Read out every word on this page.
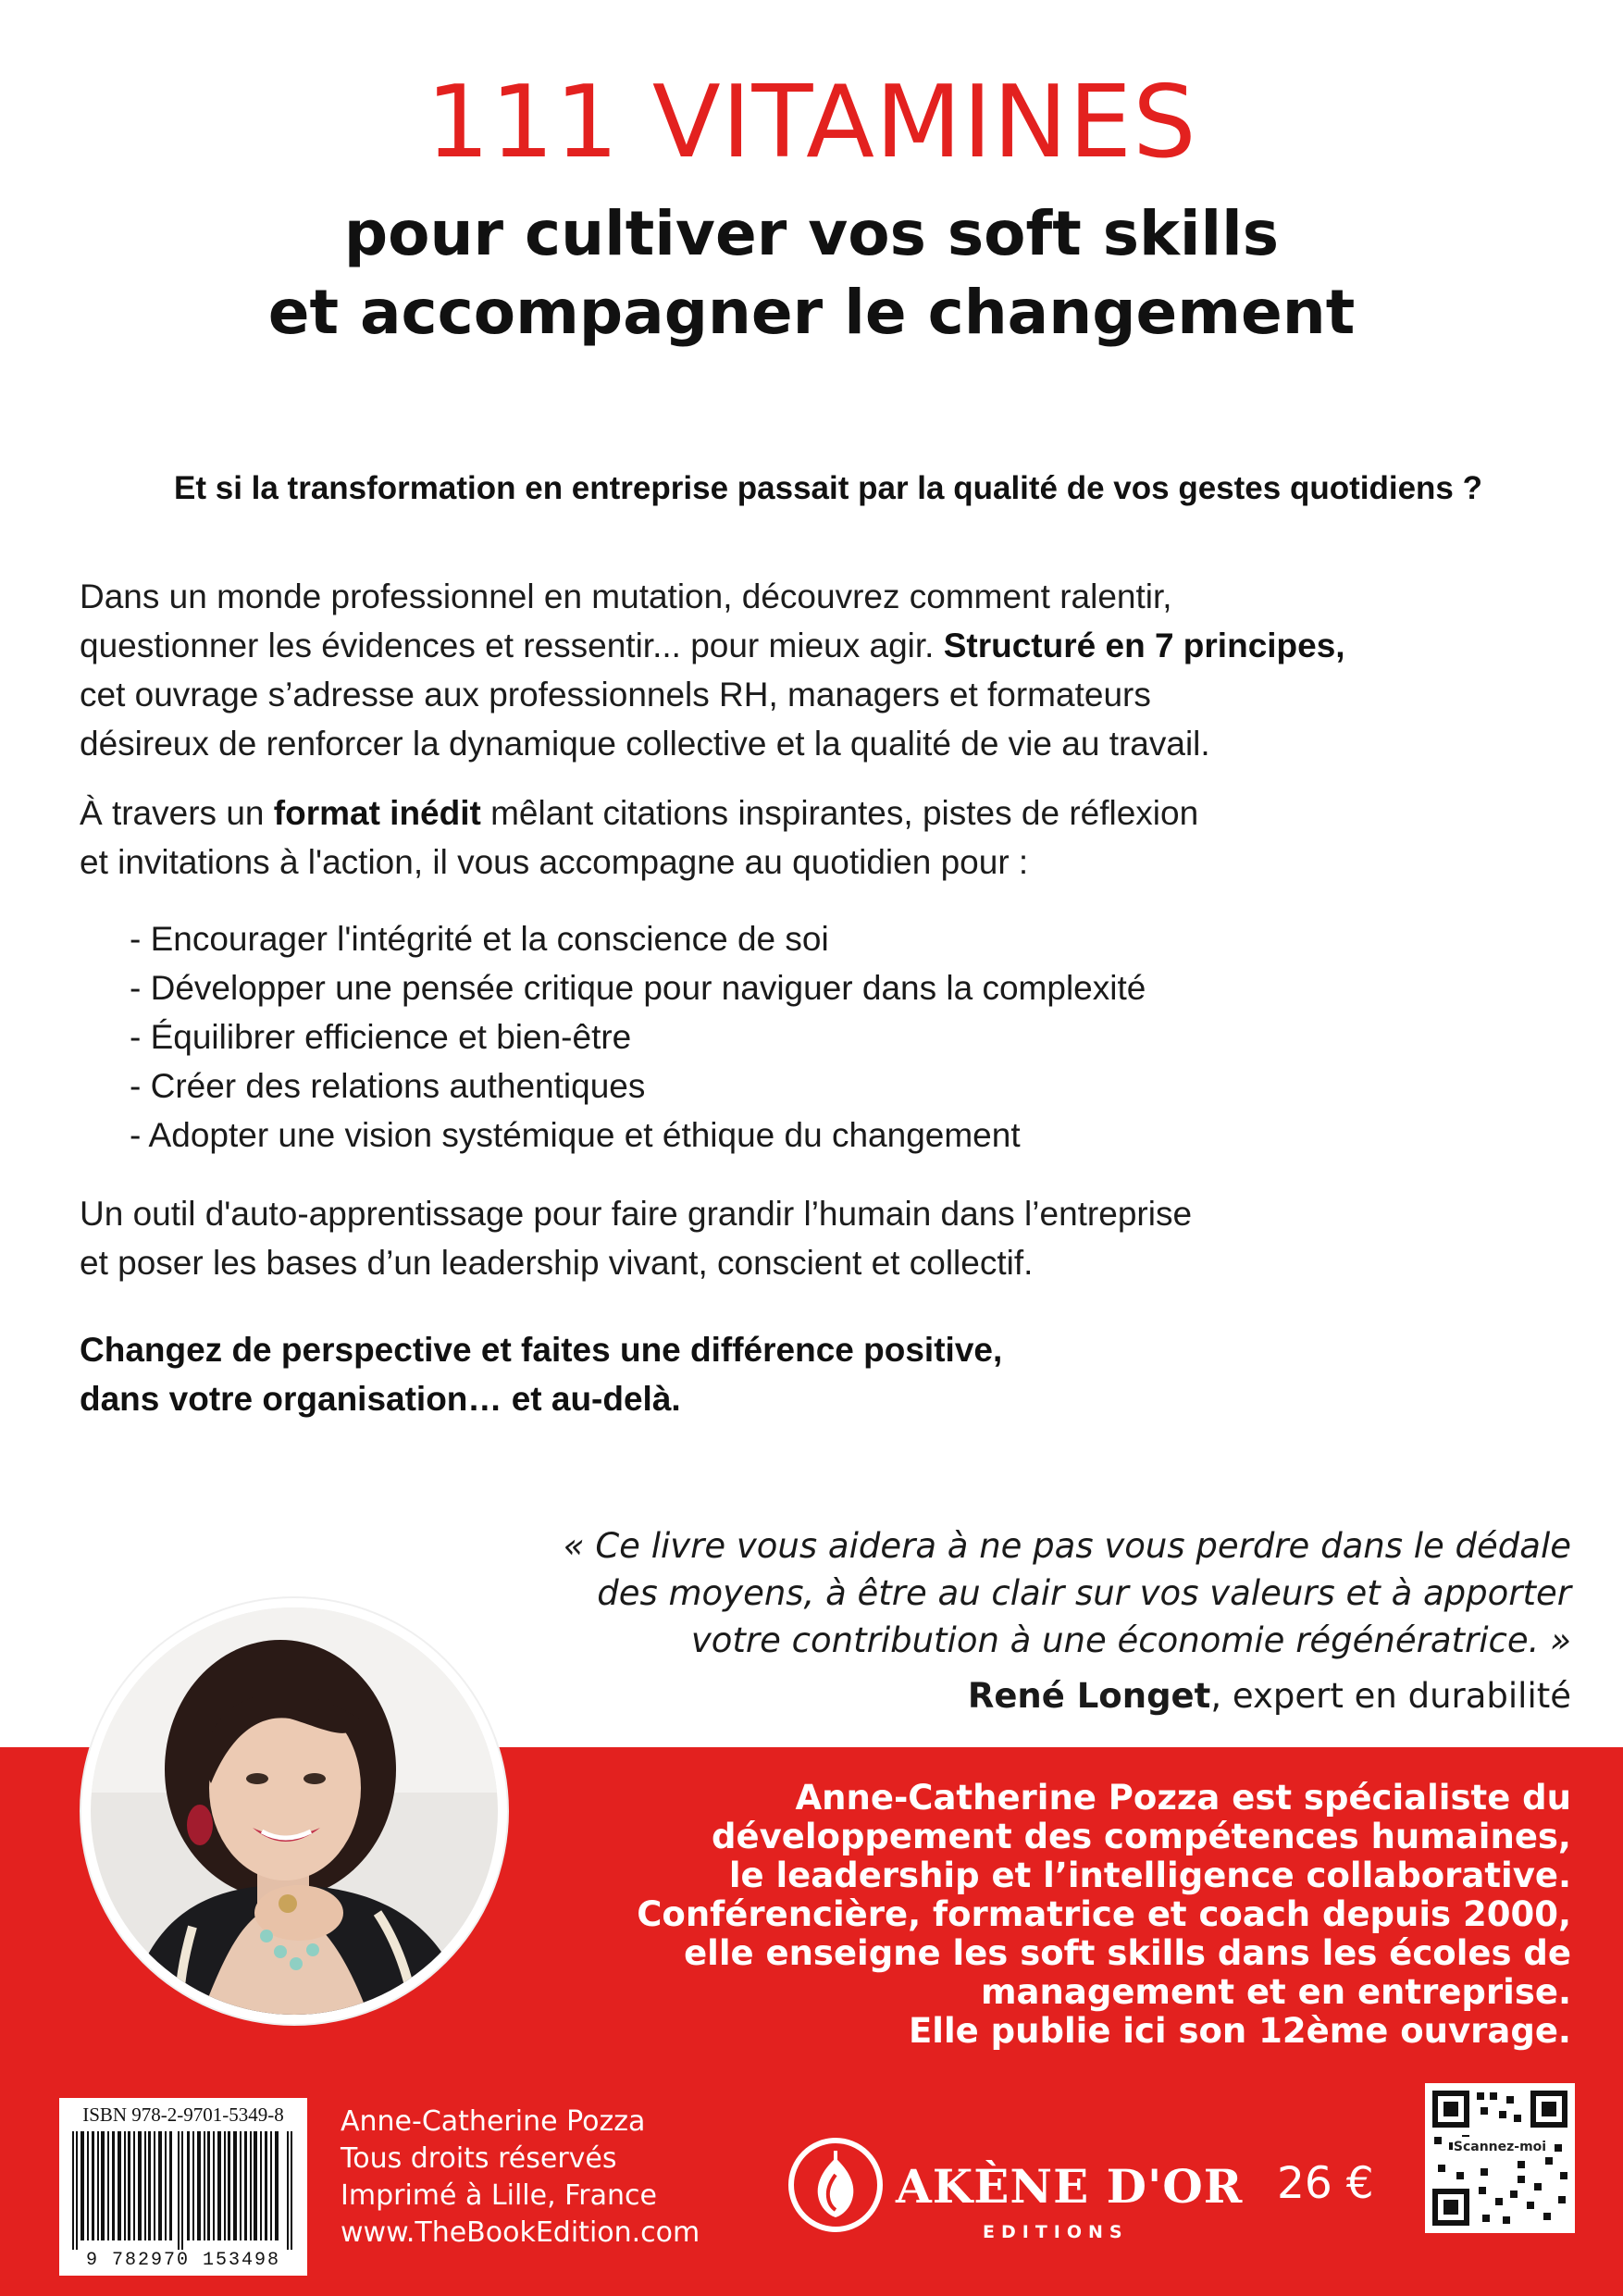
111 VITAMINES
pour cultiver vos soft skills
et accompagner le changement
Et si la transformation en entreprise passait par la qualité de vos gestes quotidiens ?
Dans un monde professionnel en mutation, découvrez comment ralentir,
questionner les évidences et ressentir... pour mieux agir. Structuré en 7 principes,
cet ouvrage s’adresse aux professionnels RH, managers et formateurs
désireux de renforcer la dynamique collective et la qualité de vie au travail.
À travers un format inédit mêlant citations inspirantes, pistes de réflexion
et invitations à l'action, il vous accompagne au quotidien pour :
- Encourager l'intégrité et la conscience de soi
- Développer une pensée critique pour naviguer dans la complexité
- Équilibrer efficience et bien-être
- Créer des relations authentiques
- Adopter une vision systémique et éthique du changement
Un outil d'auto-apprentissage pour faire grandir l’humain dans l’entreprise
et poser les bases d’un leadership vivant, conscient et collectif.
Changez de perspective et faites une différence positive,
dans votre organisation… et au-delà.
« Ce livre vous aidera à ne pas vous perdre dans le dédale
des moyens, à être au clair sur vos valeurs et à apporter
votre contribution à une économie régénératrice. »
René Longet, expert en durabilité
Anne-Catherine Pozza est spécialiste du
développement des compétences humaines,
le leadership et l’intelligence collaborative.
Conférencière, formatrice et coach depuis 2000,
elle enseigne les soft skills dans les écoles de
management et en entreprise.
Elle publie ici son 12ème ouvrage.
ISBN 978-2-9701-5349-8
9 782970 153498
Anne-Catherine Pozza
Tous droits réservés
Imprimé à Lille, France
www.TheBookEdition.com
AKÈNE D'OR
EDITIONS
26 €
Scannez-moi
